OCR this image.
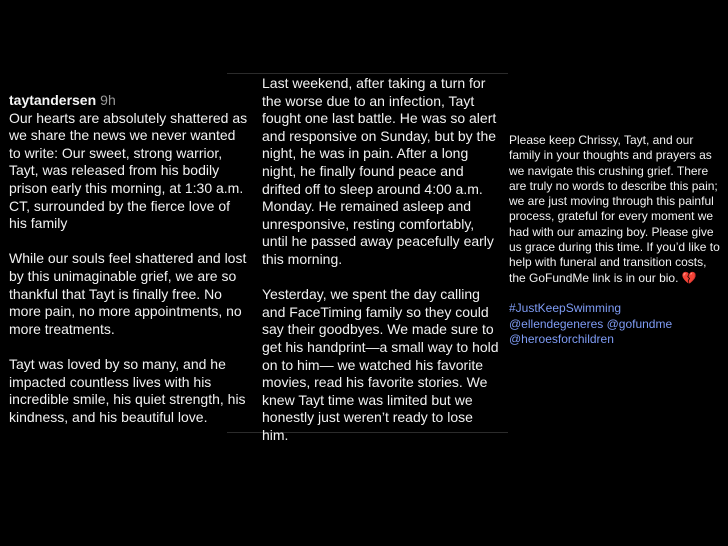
taytandersen 9h

Our hearts are absolutely shattered as we share the news we never wanted to write: Our sweet, strong warrior, Tayt, was released from his bodily prison early this morning, at 1:30 a.m. CT, surrounded by the fierce love of his family

While our souls feel shattered and lost by this unimaginable grief, we are so thankful that Tayt is finally free. No more pain, no more appointments, no more treatments.

Tayt was loved by so many, and he impacted countless lives with his incredible smile, his quiet strength, his kindness, and his beautiful love.

Last weekend, after taking a turn for the worse due to an infection, Tayt fought one last battle. He was so alert and responsive on Sunday, but by the night, he was in pain. After a long night, he finally found peace and drifted off to sleep around 4:00 a.m. Monday. He remained asleep and unresponsive, resting comfortably, until he passed away peacefully early this morning.

Yesterday, we spent the day calling and FaceTiming family so they could say their goodbyes. We made sure to get his handprint—a small way to hold on to him— we watched his favorite movies, read his favorite stories. We knew Tayt time was limited but we honestly just weren’t ready to lose him.

Please keep Chrissy, Tayt, and our family in your thoughts and prayers as we navigate this crushing grief. There are truly no words to describe this pain; we are just moving through this painful process, grateful for every moment we had with our amazing boy. Please give us grace during this time. If you’d like to help with funeral and transition costs, the GoFundMe link is in our bio. 💔

#JustKeepSwimming
@ellendegeneres @gofundme
@heroesforchildren
